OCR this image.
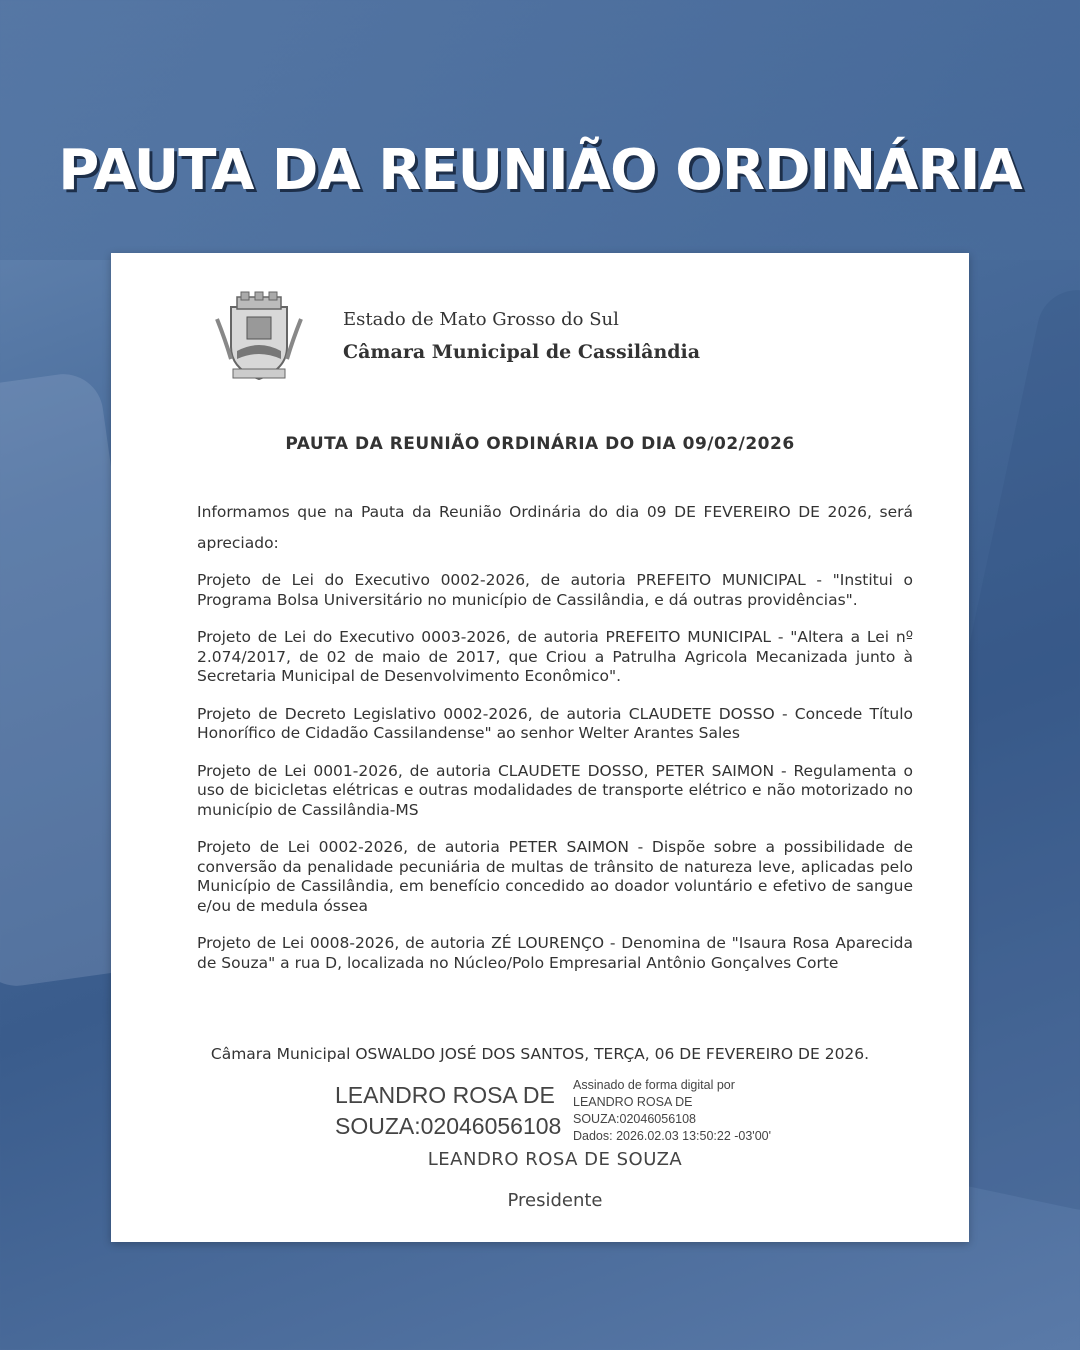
PAUTA DA REUNIÃO ORDINÁRIA
Estado de Mato Grosso do Sul
Câmara Municipal de Cassilândia
PAUTA DA REUNIÃO ORDINÁRIA DO DIA 09/02/2026
Informamos que na Pauta da Reunião Ordinária do dia 09 DE FEVEREIRO DE 2026, será apreciado:
Projeto de Lei do Executivo 0002-2026, de autoria PREFEITO MUNICIPAL - "Institui o Programa Bolsa Universitário no município de Cassilândia, e dá outras providências".
Projeto de Lei do Executivo 0003-2026, de autoria PREFEITO MUNICIPAL - "Altera a Lei nº 2.074/2017, de 02 de maio de 2017, que Criou a Patrulha Agricola Mecanizada junto à Secretaria Municipal de Desenvolvimento Econômico".
Projeto de Decreto Legislativo 0002-2026, de autoria CLAUDETE DOSSO - Concede Título Honorífico de Cidadão Cassilandense" ao senhor Welter Arantes Sales
Projeto de Lei 0001-2026, de autoria CLAUDETE DOSSO, PETER SAIMON - Regulamenta o uso de bicicletas elétricas e outras modalidades de transporte elétrico e não motorizado no município de Cassilândia-MS
Projeto de Lei 0002-2026, de autoria PETER SAIMON - Dispõe sobre a possibilidade de conversão da penalidade pecuniária de multas de trânsito de natureza leve, aplicadas pelo Município de Cassilândia, em benefício concedido ao doador voluntário e efetivo de sangue e/ou de medula óssea
Projeto de Lei 0008-2026, de autoria ZÉ LOURENÇO - Denomina de "Isaura Rosa Aparecida de Souza" a rua D, localizada no Núcleo/Polo Empresarial Antônio Gonçalves Corte
Câmara Municipal OSWALDO JOSÉ DOS SANTOS, TERÇA, 06 DE FEVEREIRO DE 2026.
LEANDRO ROSA DE
SOUZA:02046056108
Assinado de forma digital por
LEANDRO ROSA DE
SOUZA:02046056108
Dados: 2026.02.03 13:50:22 -03'00'
LEANDRO ROSA DE SOUZA
Presidente
